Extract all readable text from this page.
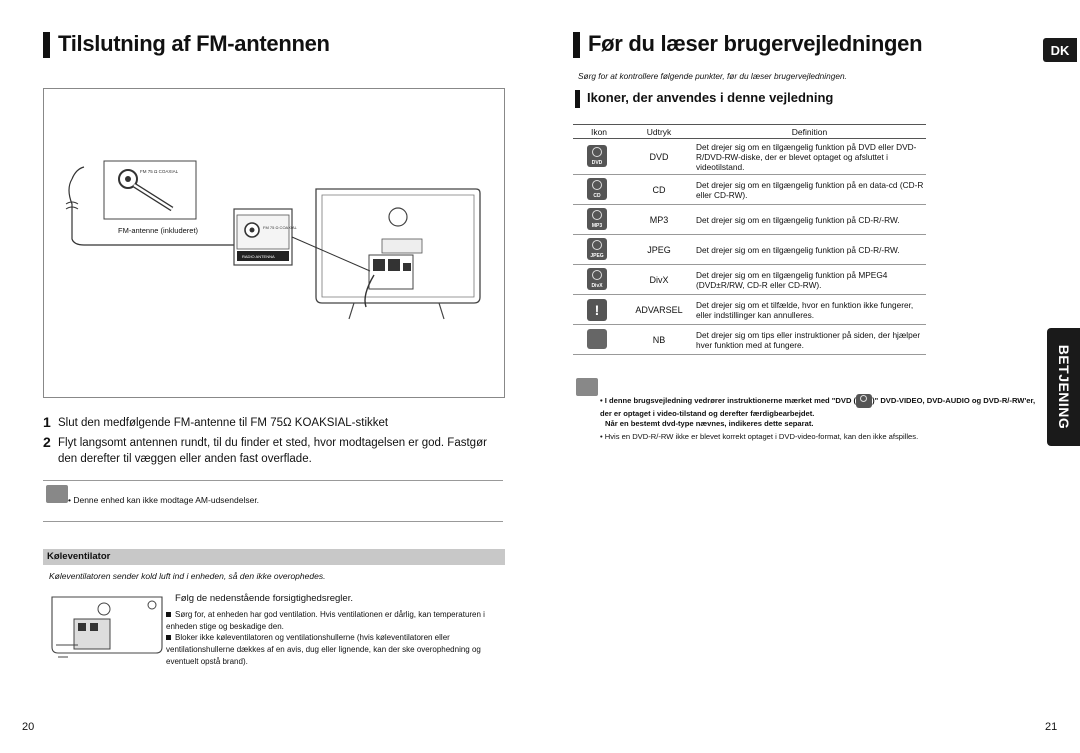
Tilslutning af FM-antennen
FM 75 Ω COAXIAL
FM 75 Ω COAXIAL
RADIO ANTENNA
FM-antenne (inkluderet)
1 Slut den medfølgende FM-antenne til FM 75Ω KOAKSIAL-stikket
2 Flyt langsomt antennen rundt, til du finder et sted, hvor modtagelsen er god. Fastgør den derefter til væggen eller anden fast overflade.
• Denne enhed kan ikke modtage AM-udsendelser.
Køleventilator
Køleventilatoren sender kold luft ind i enheden, så den ikke overophedes.
Følg de nedenstående forsigtighedsregler.
Sørg for, at enheden har god ventilation. Hvis ventilationen er dårlig, kan temperaturen i enheden stige og beskadige den.
Bloker ikke køleventilatoren og ventilationshullerne (hvis køleventilatoren eller ventilationshullerne dækkes af en avis, dug eller lignende, kan der ske overophedning og eventuelt opstå brand).
20
Før du læser brugervejledningen	DK
Sørg for at kontrollere følgende punkter, før du læser brugervejledningen.
Ikoner, der anvendes i denne vejledning
Ikon	Udtryk	Definition

DVD	DVD	Det drejer sig om en tilgængelig funktion på DVD eller DVD-R/DVD-RW-diske, der er blevet optaget og afsluttet i videotilstand.

CD	CD	Det drejer sig om en tilgængelig funktion på en data-cd (CD-R eller CD-RW).

MP3	MP3	Det drejer sig om en tilgængelig funktion på CD-R/-RW.

JPEG	JPEG	Det drejer sig om en tilgængelig funktion på CD-R/-RW.

DivX	DivX	Det drejer sig om en tilgængelig funktion på MPEG4 (DVD±R/RW, CD-R eller CD-RW).
!	ADVARSEL	Det drejer sig om et tilfælde, hvor en funktion ikke fungerer, eller indstillinger kan annulleres.
	NB	Det drejer sig om tips eller instruktioner på siden, der hjælper hver funktion med at fungere.
• I denne brugsvejledning vedrører instruktionerne mærket med "DVD ( )" DVD-VIDEO, DVD-AUDIO og DVD-R/-RW'er, der er optaget i video-tilstand og derefter færdigbearbejdet.
Når en bestemt dvd-type nævnes, indikeres dette separat.
• Hvis en DVD-R/-RW ikke er blevet korrekt optaget i DVD-video-format, kan den ikke afspilles.
BETJENING
21
